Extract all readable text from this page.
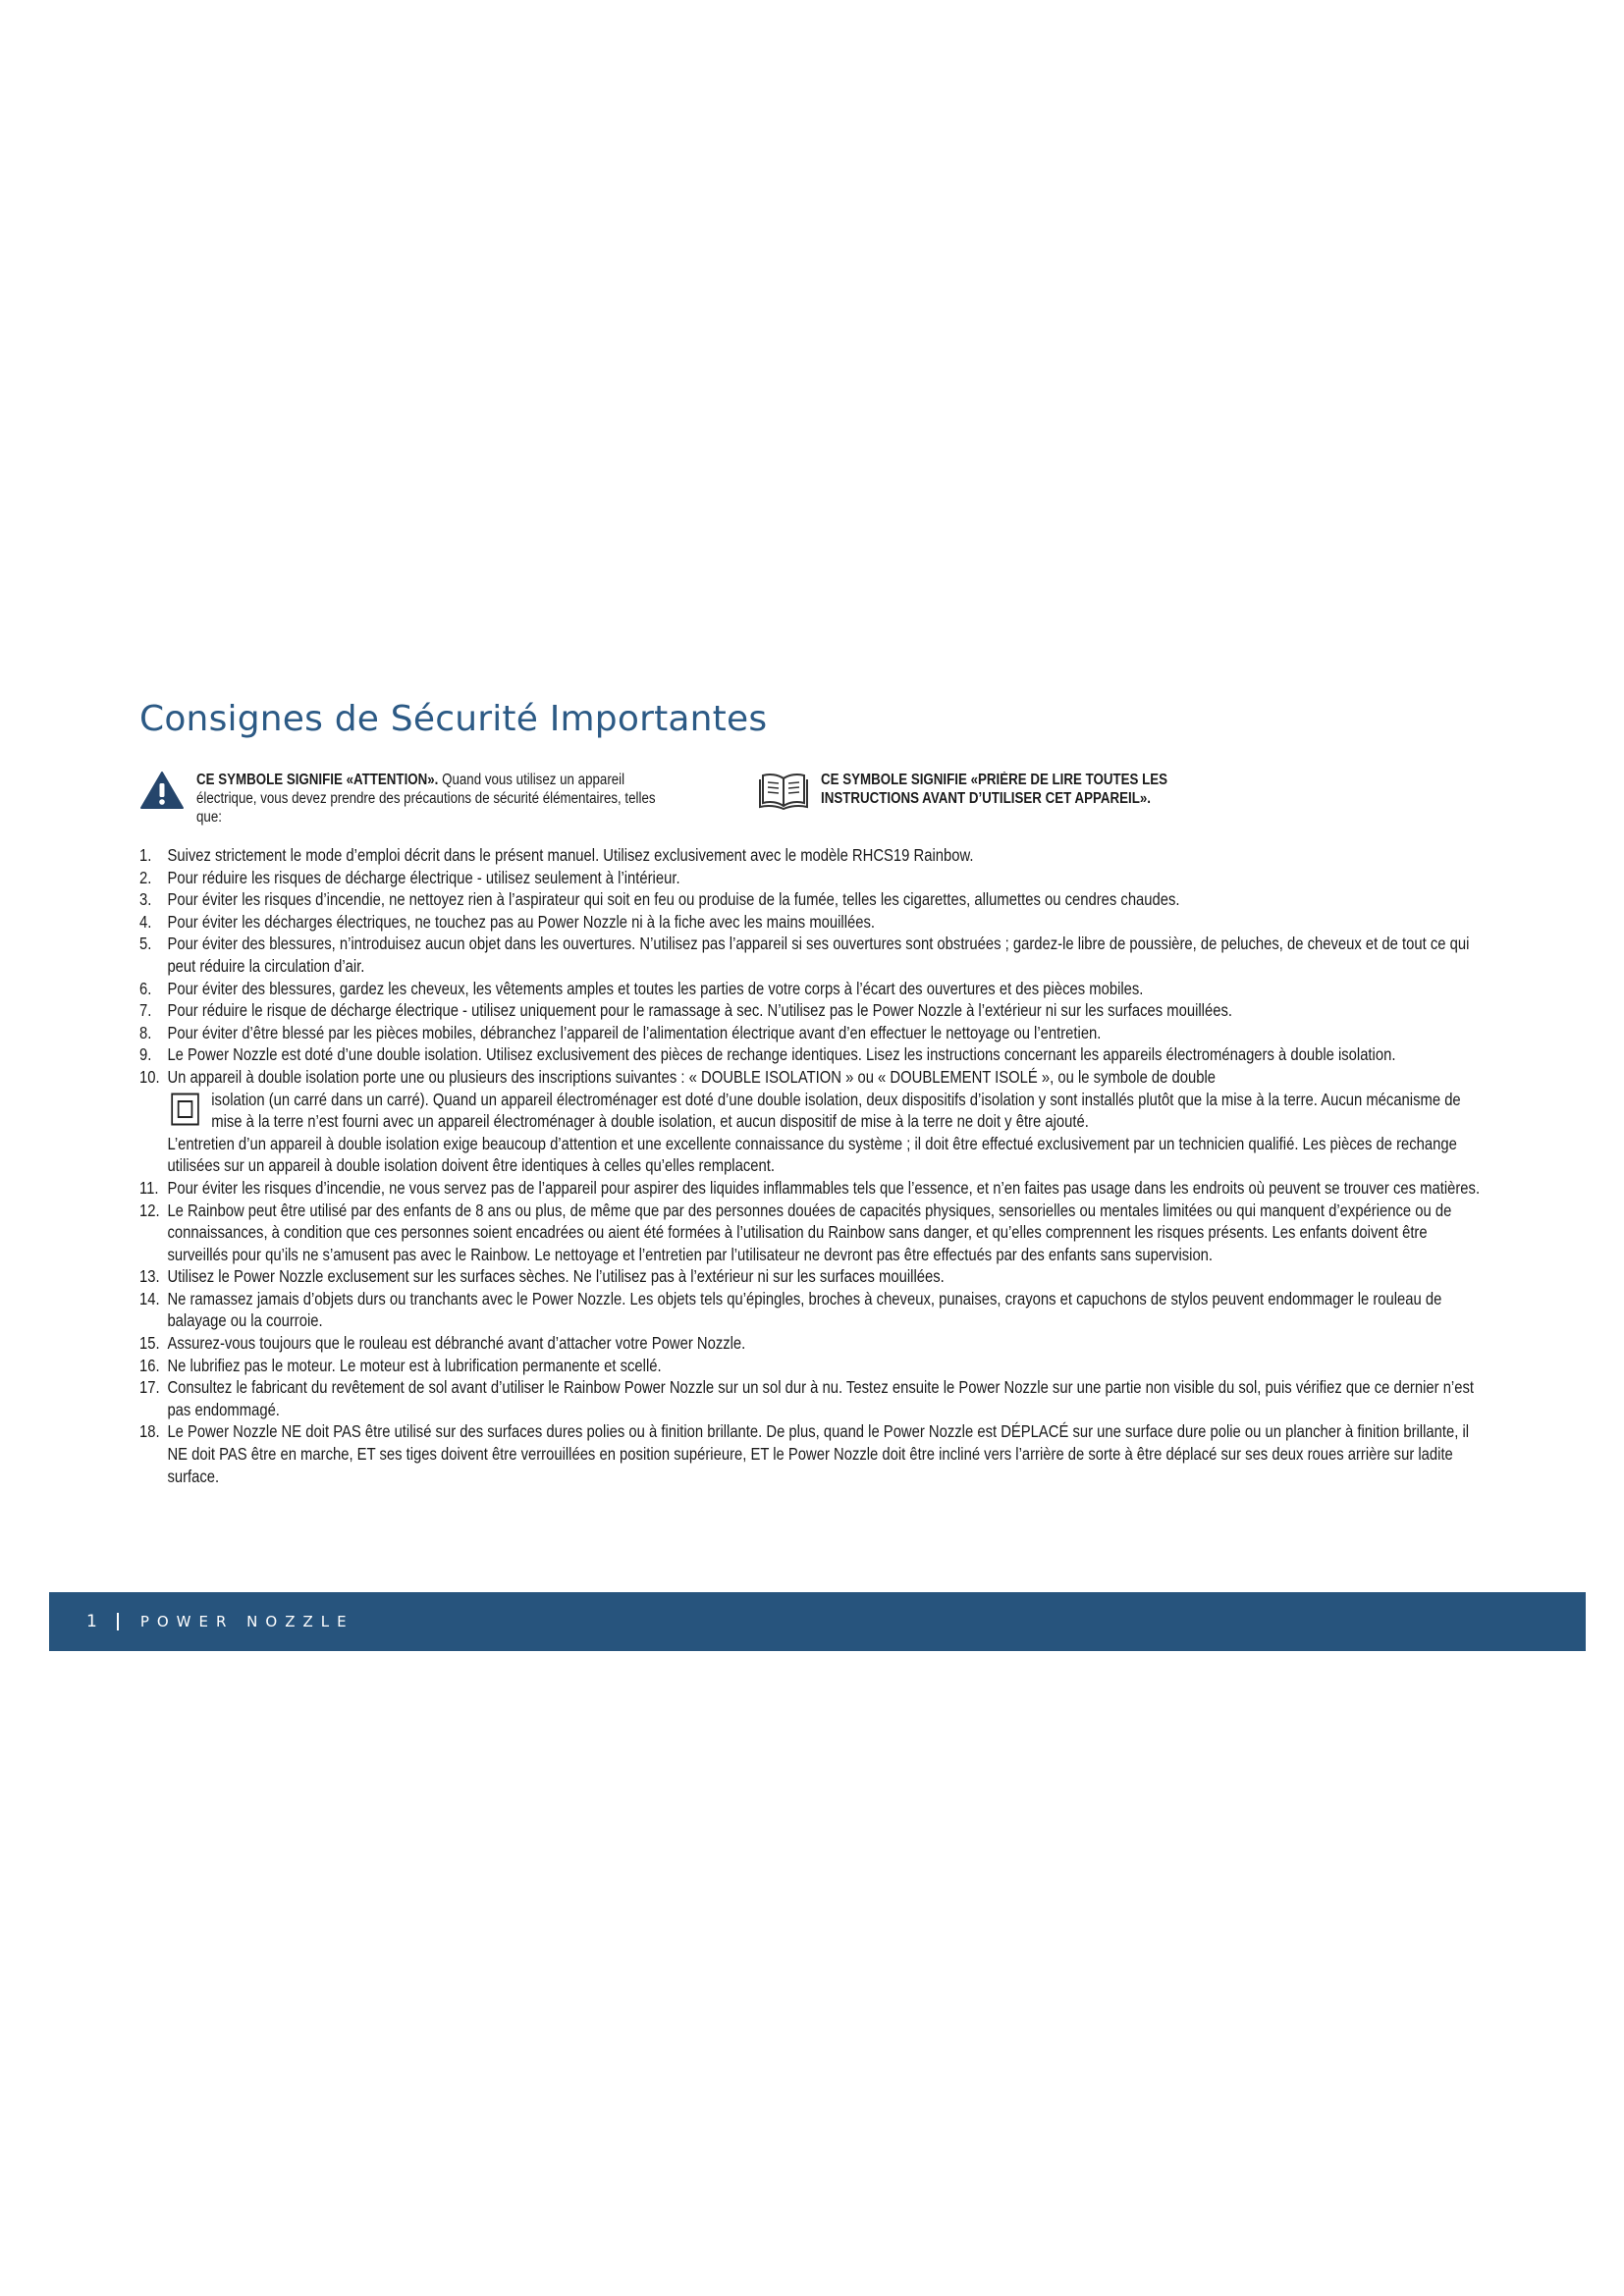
Consignes de Sécurité Importantes
CE SYMBOLE SIGNIFIE «ATTENTION». Quand vous utilisez un appareil électrique, vous devez prendre des précautions de sécurité élémentaires, telles que:
CE SYMBOLE SIGNIFIE «PRIÈRE DE LIRE TOUTES LES INSTRUCTIONS AVANT D’UTILISER CET APPAREIL».
1. Suivez strictement le mode d’emploi décrit dans le présent manuel. Utilisez exclusivement avec le modèle RHCS19 Rainbow.
2. Pour réduire les risques de décharge électrique - utilisez seulement à l’intérieur.
3. Pour éviter les risques d’incendie, ne nettoyez rien à l’aspirateur qui soit en feu ou produise de la fumée, telles les cigarettes, allumettes ou cendres chaudes.
4. Pour éviter les décharges électriques, ne touchez pas au Power Nozzle ni à la fiche avec les mains mouillées.
5. Pour éviter des blessures, n’introduisez aucun objet dans les ouvertures. N’utilisez pas l’appareil si ses ouvertures sont obstruées ; gardez-le libre de poussière, de peluches, de cheveux et de tout ce qui peut réduire la circulation d’air.
6. Pour éviter des blessures, gardez les cheveux, les vêtements amples et toutes les parties de votre corps à l’écart des ouvertures et des pièces mobiles.
7. Pour réduire le risque de décharge électrique - utilisez uniquement pour le ramassage à sec. N’utilisez pas le Power Nozzle à l’extérieur ni sur les surfaces mouillées.
8. Pour éviter d’être blessé par les pièces mobiles, débranchez l’appareil de l’alimentation électrique avant d’en effectuer le nettoyage ou l’entretien.
9. Le Power Nozzle est doté d’une double isolation. Utilisez exclusivement des pièces de rechange identiques. Lisez les instructions concernant les appareils électroménagers à double isolation.
10. Un appareil à double isolation porte une ou plusieurs des inscriptions suivantes : « DOUBLE ISOLATION » ou « DOUBLEMENT ISOLÉ », ou le symbole de double
isolation (un carré dans un carré). Quand un appareil électroménager est doté d’une double isolation, deux dispositifs d’isolation y sont installés plutôt que la mise à la terre. Aucun mécanisme de mise à la terre n’est fourni avec un appareil électroménager à double isolation, et aucun dispositif de mise à la terre ne doit y être ajouté.
L’entretien d’un appareil à double isolation exige beaucoup d’attention et une excellente connaissance du système ; il doit être effectué exclusivement par un technicien qualifié. Les pièces de rechange utilisées sur un appareil à double isolation doivent être identiques à celles qu’elles remplacent.
11. Pour éviter les risques d’incendie, ne vous servez pas de l’appareil pour aspirer des liquides inflammables tels que l’essence, et n’en faites pas usage dans les endroits où peuvent se trouver ces matières.
12. Le Rainbow peut être utilisé par des enfants de 8 ans ou plus, de même que par des personnes douées de capacités physiques, sensorielles ou mentales limitées ou qui manquent d’expérience ou de connaissances, à condition que ces personnes soient encadrées ou aient été formées à l’utilisation du Rainbow sans danger, et qu’elles comprennent les risques présents. Les enfants doivent être surveillés pour qu’ils ne s’amusent pas avec le Rainbow. Le nettoyage et l’entretien par l’utilisateur ne devront pas être effectués par des enfants sans supervision.
13. Utilisez le Power Nozzle exclusement sur les surfaces sèches. Ne l’utilisez pas à l’extérieur ni sur les surfaces mouillées.
14. Ne ramassez jamais d’objets durs ou tranchants avec le Power Nozzle. Les objets tels qu’épingles, broches à cheveux, punaises, crayons et capuchons de stylos peuvent endommager le rouleau de balayage ou la courroie.
15. Assurez-vous toujours que le rouleau est débranché avant d’attacher votre Power Nozzle.
16. Ne lubrifiez pas le moteur. Le moteur est à lubrification permanente et scellé.
17. Consultez le fabricant du revêtement de sol avant d’utiliser le Rainbow Power Nozzle sur un sol dur à nu. Testez ensuite le Power Nozzle sur une partie non visible du sol, puis vérifiez que ce dernier n’est pas endommagé.
18. Le Power Nozzle NE doit PAS être utilisé sur des surfaces dures polies ou à finition brillante. De plus, quand le Power Nozzle est DÉPLACÉ sur une surface dure polie ou un plancher à finition brillante, il NE doit PAS être en marche, ET ses tiges doivent être verrouillées en position supérieure, ET le Power Nozzle doit être incliné vers l’arrière de sorte à être déplacé sur ses deux roues arrière sur ladite surface.
1	POWER NOZZLE
